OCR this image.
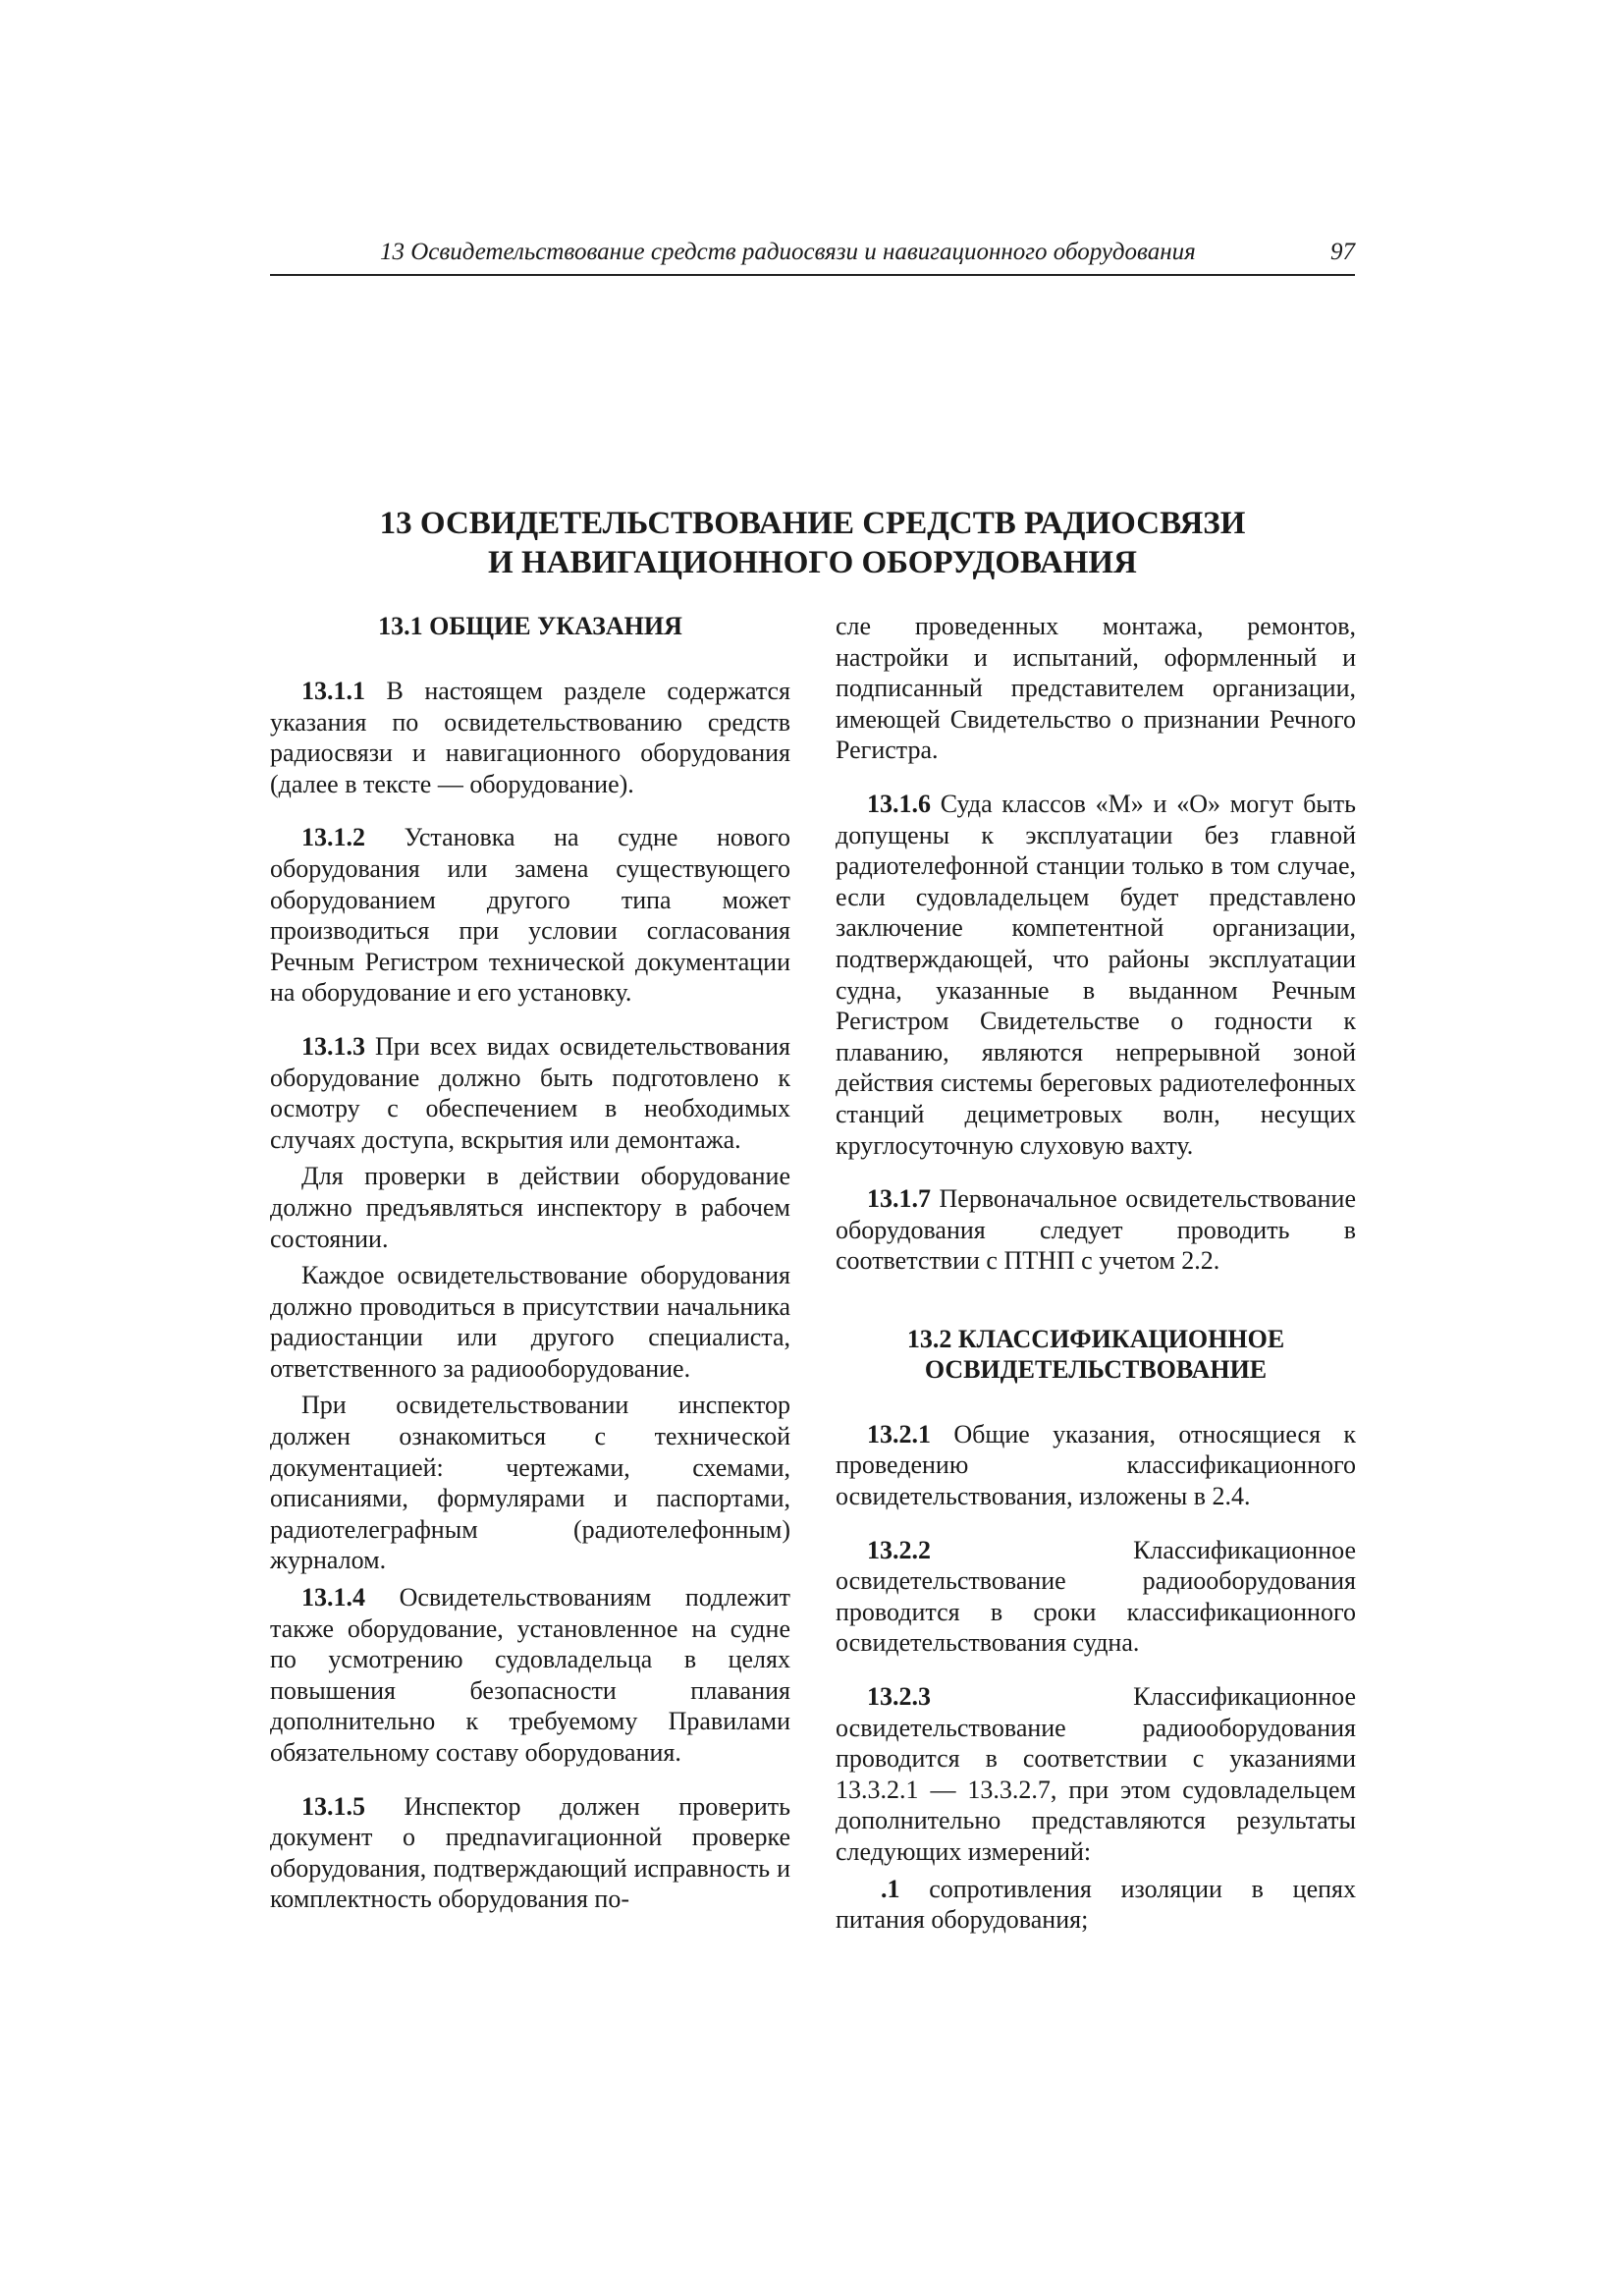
13 Освидетельствование средств радиосвязи и навигационного оборудования	97
13 ОСВИДЕТЕЛЬСТВОВАНИЕ СРЕДСТВ РАДИОСВЯЗИ
И НАВИГАЦИОННОГО ОБОРУДОВАНИЯ
13.1 ОБЩИЕ УКАЗАНИЯ

13.1.1 В настоящем разделе содержатся указания по освидетельствованию средств радиосвязи и навигационного оборудования (далее в тексте — оборудование).

13.1.2 Установка на судне нового оборудования или замена существующего оборудованием другого типа может производиться при условии согласования Речным Регистром технической документации на оборудование и его установку.

13.1.3 При всех видах освидетельствования оборудование должно быть подготовлено к осмотру с обеспечением в необходимых случаях доступа, вскрытия или демонтажа.

Для проверки в действии оборудование должно предъявляться инспектору в рабочем состоянии.

Каждое освидетельствование оборудования должно проводиться в присутствии начальника радиостанции или другого специалиста, ответственного за радиооборудование.

При освидетельствовании инспектор должен ознакомиться с технической документацией: чертежами, схемами, описаниями, формулярами и паспортами, радиотелеграфным (радиотелефонным) журналом.

13.1.4 Освидетельствованиям подлежит также оборудование, установленное на судне по усмотрению судовладельца в целях повышения безопасности плавания дополнительно к требуемому Правилами обязательному составу оборудования.

13.1.5 Инспектор должен проверить документ о предnavигационной проверке оборудования, подтверждающий исправность и комплектность оборудования по-

сле проведенных монтажа, ремонтов, настройки и испытаний, оформленный и подписанный представителем организации, имеющей Свидетельство о признании Речного Регистра.

13.1.6 Суда классов «М» и «О» могут быть допущены к эксплуатации без главной радиотелефонной станции только в том случае, если судовладельцем будет представлено заключение компетентной организации, подтверждающей, что районы эксплуатации судна, указанные в выданном Речным Регистром Свидетельстве о годности к плаванию, являются непрерывной зоной действия системы береговых радиотелефонных станций дециметровых волн, несущих круглосуточную слуховую вахту.

13.1.7 Первоначальное освидетельствование оборудования следует проводить в соответствии с ПТНП с учетом 2.2.

13.2 КЛАССИФИКАЦИОННОЕ
ОСВИДЕТЕЛЬСТВОВАНИЕ

13.2.1 Общие указания, относящиеся к проведению классификационного освидетельствования, изложены в 2.4.

13.2.2 Классификационное освидетельствование радиооборудования проводится в сроки классификационного освидетельствования судна.

13.2.3 Классификационное освидетельствование радиооборудования проводится в соответствии с указаниями 13.3.2.1 — 13.3.2.7, при этом судовладельцем дополнительно представляются результаты следующих измерений:

.1 сопротивления изоляции в цепях питания оборудования;
